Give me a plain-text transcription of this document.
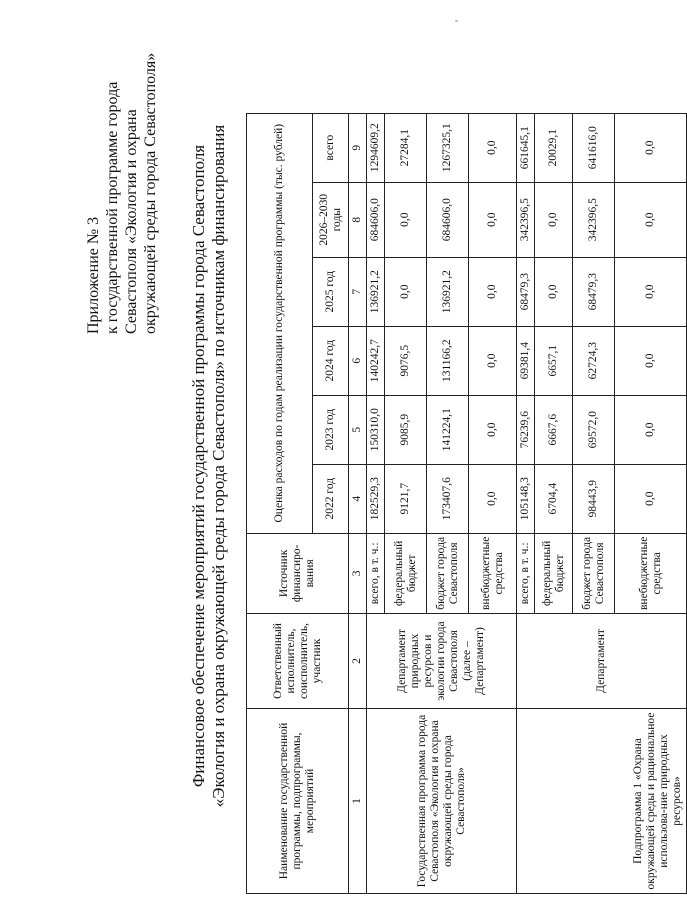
Приложение № 3 к государственной программе города Севастополя «Экология и охрана окружающей среды города Севастополя» Финансовое обеспечение мероприятий государственной программы города Севастополя «Экология и охрана окружающей среды города Севастополя» по источникам финансирования	Наименование государственной программы, подпрограммы, мероприятий	Ответственный исполнитель, соисполнитель, участник	Источник финансиро-вания	Оценка расходов по годам реализации государственной программы (тыс. рублей)					
			2022 год	2023 год	2024 год	2025 год	2026–2030 годы	всего
1	2	3	4	5	6	7	8	9
Государственная программа города Севастополя «Экология и охрана окружающей среды города Севастополя»	Департамент природных ресурсов и экологии города Севастополя (далее – Департамент)	всего, в т. ч.:	182529,3	150310,0	140242,7	136921,2	684606,0	1294609,2
		федеральный бюджет	9121,7	9085,9	9076,5	0,0	0,0	27284,1
		бюджет города Севастополя	173407,6	141224,1	131166,2	136921,2	684606,0	1267325,1
		внебюджетные средства	0,0	0,0	0,0	0,0	0,0	0,0
Подпрограмма 1 «Охрана окружающей среды и рациональное использова-ние природных ресурсов»	Департамент	всего, в т. ч.:	105148,3	76239,6	69381,4	68479,3	342396,5	661645,1
		федеральный бюджет	6704,4	6667,6	6657,1	0,0	0,0	20029,1
		бюджет города Севастополя	98443,9	69572,0	62724,3	68479,3	342396,5	641616,0
		внебюджетные средства	0,0	0,0	0,0	0,0	0,0	0,0
'
